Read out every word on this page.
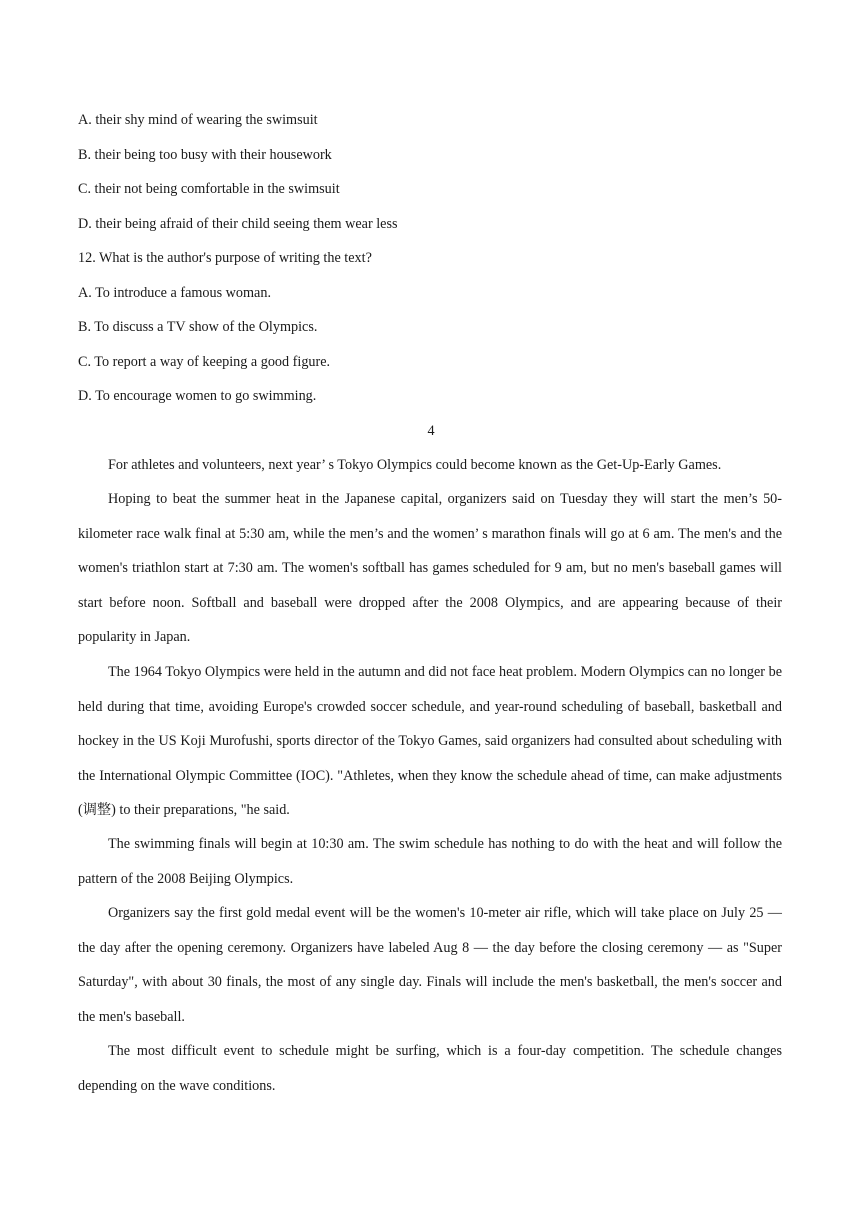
A. their shy mind of wearing the swimsuit
B. their being too busy with their housework
C. their not being comfortable in the swimsuit
D. their being afraid of their child seeing them wear less
12. What is the author's purpose of writing the text?
A. To introduce a famous woman.
B. To discuss a TV show of the Olympics.
C. To report a way of keeping a good figure.
D. To encourage women to go swimming.
4

For athletes and volunteers, next year’ s Tokyo Olympics could become known as the Get-Up-Early Games.

Hoping to beat the summer heat in the Japanese capital, organizers said on Tuesday they will start the men’s 50-kilometer race walk final at 5:30 am, while the men’s and the women’ s marathon finals will go at 6 am. The men's and the women's triathlon start at 7:30 am. The women's softball has games scheduled for 9 am, but no men's baseball games will start before noon. Softball and baseball were dropped after the 2008 Olympics, and are appearing because of their popularity in Japan.

The 1964 Tokyo Olympics were held in the autumn and did not face heat problem. Modern Olympics can no longer be held during that time, avoiding Europe's crowded soccer schedule, and year-round scheduling of baseball, basketball and hockey in the US Koji Murofushi, sports director of the Tokyo Games, said organizers had consulted about scheduling with the International Olympic Committee (IOC). "Athletes, when they know the schedule ahead of time, can make adjustments (调整) to their preparations, "he said.

The swimming finals will begin at 10:30 am. The swim schedule has nothing to do with the heat and will follow the pattern of the 2008 Beijing Olympics.

Organizers say the first gold medal event will be the women's 10-meter air rifle, which will take place on July 25 — the day after the opening ceremony. Organizers have labeled Aug 8 — the day before the closing ceremony — as "Super Saturday", with about 30 finals, the most of any single day. Finals will include the men's basketball, the men's soccer and the men's baseball.

The most difficult event to schedule might be surfing, which is a four-day competition. The schedule changes depending on the wave conditions.
